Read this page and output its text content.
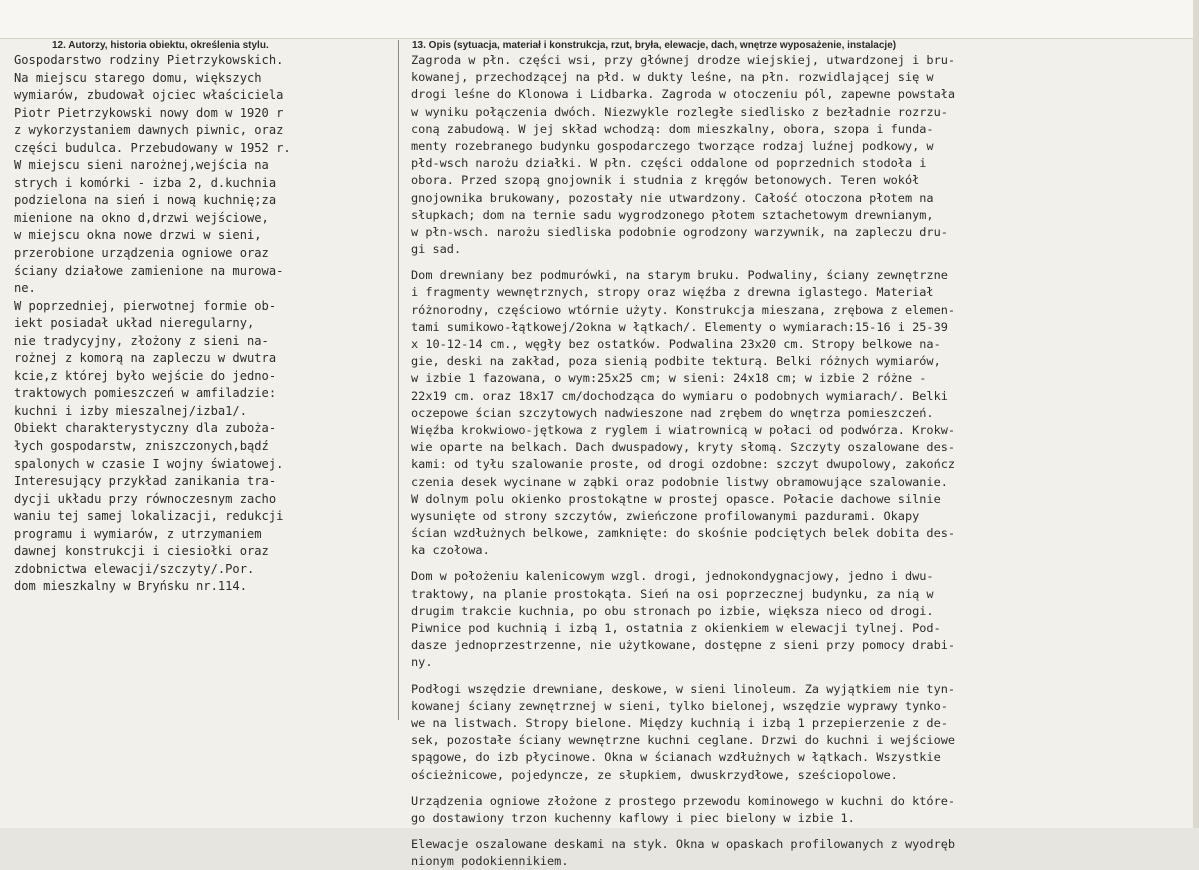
12. Autorzy, historia obiektu, określenia stylu.	13. Opis (sytuacja, materiał i konstrukcja, rzut, bryła, elewacje, dach, wnętrze wyposażenie, instalacje)
Gospodarstwo rodziny Pietrzykowskich.
Na miejscu starego domu, większych
wymiarów, zbudował ojciec właściciela
Piotr Pietrzykowski nowy dom w 1920 r
z wykorzystaniem dawnych piwnic, oraz
części budulca. Przebudowany w 1952 r.
W miejscu sieni narożnej,wejścia na
strych i komórki - izba 2, d.kuchnia
podzielona na sień i nową kuchnię;za
mienione na okno d,drzwi wejściowe,
w miejscu okna nowe drzwi w sieni,
przerobione urządzenia ogniowe oraz
ściany działowe zamienione na murowa-
ne.
W poprzedniej, pierwotnej formie ob-
iekt posiadał układ nieregularny,
nie tradycyjny, złożony z sieni na-
rożnej z komorą na zapleczu w dwutra
kcie,z której było wejście do jedno-
traktowych pomieszczeń w amfiladzie:
kuchni i izby mieszalnej/izba1/.
Obiekt charakterystyczny dla zuboża-
łych gospodarstw, zniszczonych,bądź
spalonych w czasie I wojny światowej.
Interesujący przykład zanikania tra-
dycji układu przy równoczesnym zacho
waniu tej samej lokalizacji, redukcji
programu i wymiarów, z utrzymaniem
dawnej konstrukcji i ciesiołki oraz
zdobnictwa elewacji/szczyty/.Por.
dom mieszkalny w Bryńsku nr.114.
Zagroda w płn. części wsi, przy głównej drodze wiejskiej, utwardzonej i bru-
kowanej, przechodzącej na płd. w dukty leśne, na płn. rozwidlającej się w
drogi leśne do Klonowa i Lidbarka. Zagroda w otoczeniu pól, zapewne powstała
w wyniku połączenia dwóch. Niezwykle rozległe siedlisko z bezładnie rozrzu-
coną zabudową. W jej skład wchodzą: dom mieszkalny, obora, szopa i funda-
menty rozebranego budynku gospodarczego tworzące rodzaj luźnej podkowy, w
płd-wsch narożu działki. W płn. części oddalone od poprzednich stodoła i
obora. Przed szopą gnojownik i studnia z kręgów betonowych. Teren wokół
gnojownika brukowany, pozostały nie utwardzony. Całość otoczona płotem na
słupkach; dom na ternie sadu wygrodzonego płotem sztachetowym drewnianym,
w płn-wsch. narożu siedliska podobnie ogrodzony warzywnik, na zapleczu dru-
gi sad.
Dom drewniany bez podmurówki, na starym bruku. Podwaliny, ściany zewnętrzne
i fragmenty wewnętrznych, stropy oraz więźba z drewna iglastego. Materiał
różnorodny, częściowo wtórnie użyty. Konstrukcja mieszana, zrębowa z elemen-
tami sumikowo-łątkowej/2okna w łątkach/. Elementy o wymiarach:15-16 i 25-39
x 10-12-14 cm., węgły bez ostatków. Podwalina 23x20 cm. Stropy belkowe na-
gie, deski na zakład, poza sienią podbite tekturą. Belki różnych wymiarów,
w izbie 1 fazowana, o wym:25x25 cm; w sieni: 24x18 cm; w izbie 2 różne -
22x19 cm. oraz 18x17 cm/dochodząca do wymiaru o podobnych wymiarach/. Belki
oczepowe ścian szczytowych nadwieszone nad zrębem do wnętrza pomieszczeń.
Więźba krokwiowo-jętkowa z ryglem i wiatrownicą w połaci od podwórza. Krokw-
wie oparte na belkach. Dach dwuspadowy, kryty słomą. Szczyty oszalowane des-
kami: od tyłu szalowanie proste, od drogi ozdobne: szczyt dwupolowy, zakończ
czenia desek wycinane w ząbki oraz podobnie listwy obramowujące szalowanie.
W dolnym polu okienko prostokątne w prostej opasce. Połacie dachowe silnie
wysunięte od strony szczytów, zwieńczone profilowanymi pazdurami. Okapy
ścian wzdłużnych belkowe, zamknięte: do skośnie podciętych belek dobita des-
ka czołowa.
Dom w położeniu kalenicowym wzgl. drogi, jednokondygnacjowy, jedno i dwu-
traktowy, na planie prostokąta. Sień na osi poprzecznej budynku, za nią w
drugim trakcie kuchnia, po obu stronach po izbie, większa nieco od drogi.
Piwnice pod kuchnią i izbą 1, ostatnia z okienkiem w elewacji tylnej. Pod-
dasze jednoprzestrzenne, nie użytkowane, dostępne z sieni przy pomocy drabi-
ny.
Podłogi wszędzie drewniane, deskowe, w sieni linoleum. Za wyjątkiem nie tyn-
kowanej ściany zewnętrznej w sieni, tylko bielonej, wszędzie wyprawy tynko-
we na listwach. Stropy bielone. Między kuchnią i izbą 1 przepierzenie z de-
sek, pozostałe ściany wewnętrzne kuchni ceglane. Drzwi do kuchni i wejściowe
spągowe, do izb płycinowe. Okna w ścianach wzdłużnych w łątkach. Wszystkie
ościeżnicowe, pojedyncze, ze słupkiem, dwuskrzydłowe, sześciopolowe.
Urządzenia ogniowe złożone z prostego przewodu kominowego w kuchni do które-
go dostawiony trzon kuchenny kaflowy i piec bielony w izbie 1.
Elewacje oszalowane deskami na styk. Okna w opaskach profilowanych z wyodręb
nionym podokiennikiem.
